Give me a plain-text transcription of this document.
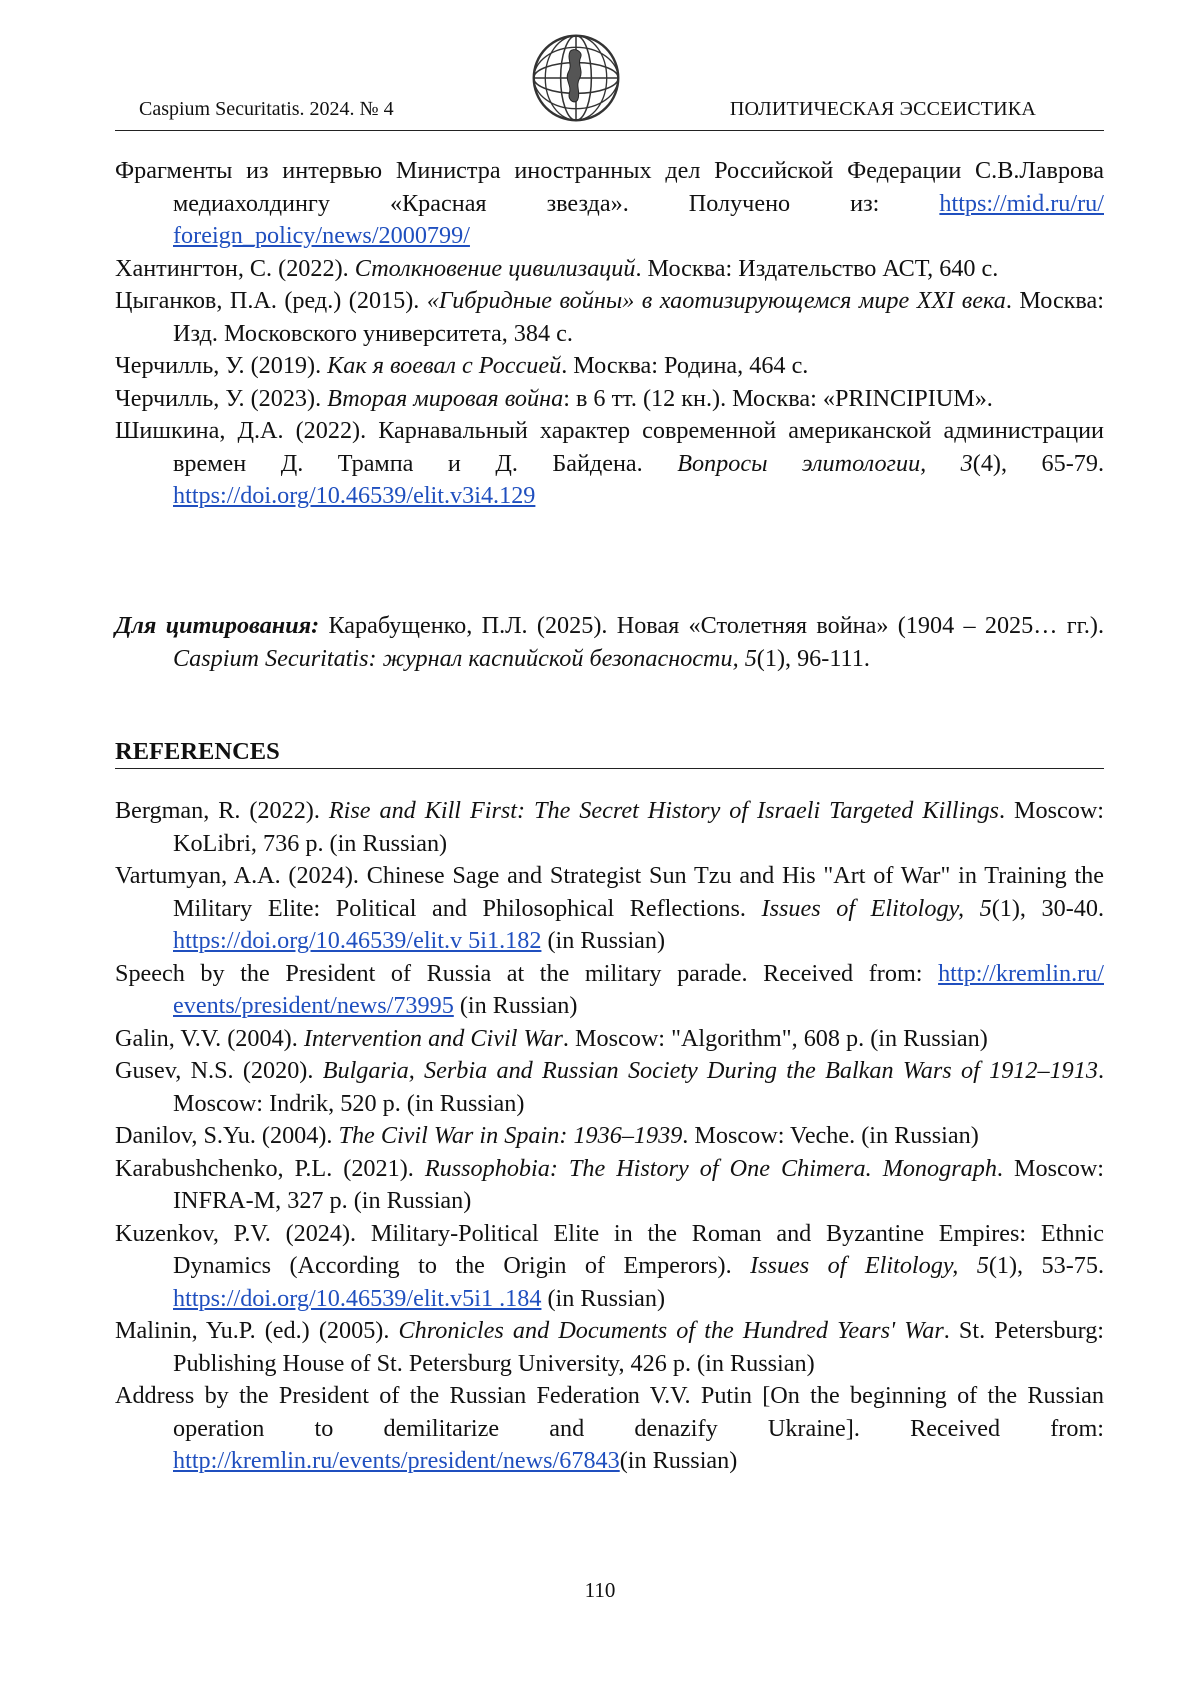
Caspium Securitatis. 2024. № 4	ПОЛИТИЧЕСКАЯ ЭССЕИСТИКА
Фрагменты из интервью Министра иностранных дел Российской Федерации С.В.Лаврова медиахолдингу «Красная звезда». Получено из: https://mid.ru/ru/ foreign_policy/news/2000799/
Хантингтон, С. (2022). Столкновение цивилизаций. Москва: Издательство АСТ, 640 с.
Цыганков, П.А. (ред.) (2015). «Гибридные войны» в хаотизирующемся мире XXI века. Москва: Изд. Московского университета, 384 с.
Черчилль, У. (2019). Как я воевал с Россией. Москва: Родина, 464 с.
Черчилль, У. (2023). Вторая мировая война: в 6 тт. (12 кн.). Москва: «PRINCIPIUM».
Шишкина, Д.А. (2022). Карнавальный характер современной американской администрации времен Д. Трампа и Д. Байдена. Вопросы элитологии, 3(4), 65-79. https://doi.org/10.46539/elit.v3i4.129
Для цитирования: Карабущенко, П.Л. (2025). Новая «Столетняя война» (1904 – 2025… гг.). Caspium Securitatis: журнал каспийской безопасности, 5(1), 96-111.
REFERENCES
Bergman, R. (2022). Rise and Kill First: The Secret History of Israeli Targeted Killings. Moscow: KoLibri, 736 p. (in Russian)
Vartumyan, A.A. (2024). Chinese Sage and Strategist Sun Tzu and His "Art of War" in Training the Military Elite: Political and Philosophical Reflections. Issues of Elitology, 5(1), 30-40. https://doi.org/10.46539/elit.v 5i1.182 (in Russian)
Speech by the President of Russia at the military parade. Received from: http://kremlin.ru/ events/president/news/73995 (in Russian)
Galin, V.V. (2004). Intervention and Civil War. Moscow: "Algorithm", 608 p. (in Russian)
Gusev, N.S. (2020). Bulgaria, Serbia and Russian Society During the Balkan Wars of 1912–1913. Moscow: Indrik, 520 p. (in Russian)
Danilov, S.Yu. (2004). The Civil War in Spain: 1936–1939. Moscow: Veche. (in Russian)
Karabushchenko, P.L. (2021). Russophobia: The History of One Chimera. Monograph. Moscow: INFRA-M, 327 p. (in Russian)
Kuzenkov, P.V. (2024). Military-Political Elite in the Roman and Byzantine Empires: Ethnic Dynamics (According to the Origin of Emperors). Issues of Elitology, 5(1), 53-75. https://doi.org/10.46539/elit.v5i1 .184 (in Russian)
Malinin, Yu.P. (ed.) (2005). Chronicles and Documents of the Hundred Years' War. St. Petersburg: Publishing House of St. Petersburg University, 426 p. (in Russian)
Address by the President of the Russian Federation V.V. Putin [On the beginning of the Russian operation to demilitarize and denazify Ukraine]. Received from: http://kremlin.ru/events/president/news/67843(in Russian)
110
